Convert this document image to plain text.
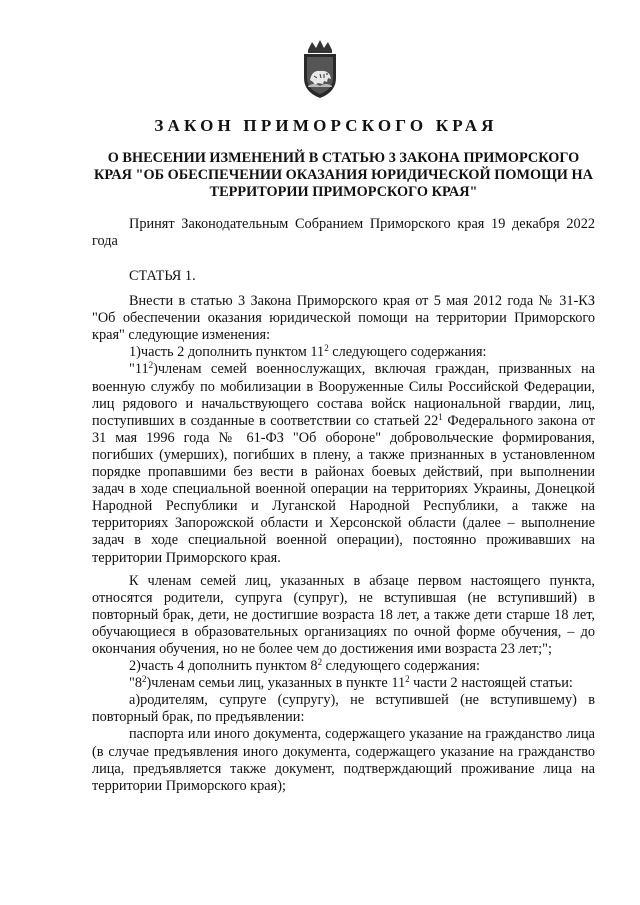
ЗАКОН ПРИМОРСКОГО КРАЯ
О ВНЕСЕНИИ ИЗМЕНЕНИЙ В СТАТЬЮ 3 ЗАКОНА ПРИМОРСКОГО КРАЯ "ОБ ОБЕСПЕЧЕНИИ ОКАЗАНИЯ ЮРИДИЧЕСКОЙ ПОМОЩИ НА ТЕРРИТОРИИ ПРИМОРСКОГО КРАЯ"
Принят Законодательным Собранием Приморского края 19 декабря 2022 года

СТАТЬЯ 1.

Внести в статью 3 Закона Приморского края от 5 мая 2012 года № 31-КЗ "Об обеспечении оказания юридической помощи на территории Приморского края" следующие изменения:

1)часть 2 дополнить пунктом $11^2$ следующего содержания:

"$11^2)членам$ семей военнослужащих, включая граждан, призванных на военную службу по мобилизации в Вооруженные Силы Российской Федерации, лиц рядового и начальствующего состава войск национальной гвардии, лиц, поступивших в созданные в соответствии со статьей $22^1$ Федерального закона от 31 мая 1996 года № 61-ФЗ "Об обороне" добровольческие формирования, погибших (умерших), погибших в плену, а также признанных в установленном порядке пропавшими без вести в районах боевых действий, при выполнении задач в ходе специальной военной операции на территориях Украины, Донецкой Народной Республики и Луганской Народной Республики, а также на территориях Запорожской области и Херсонской области (далее – выполнение задач в ходе специальной военной операции), постоянно проживавших на территории Приморского края.

К членам семей лиц, указанных в абзаце первом настоящего пункта, относятся родители, супруга (супруг), не вступившая (не вступивший) в повторный брак, дети, не достигшие возраста 18 лет, а также дети старше 18 лет, обучающиеся в образовательных организациях по очной форме обучения, – до окончания обучения, но не более чем до достижения ими возраста 23 лет;";

2)часть 4 дополнить пунктом $8^2$ следующего содержания:

"$8^2)членам$ семьи лиц, указанных в пункте $11^2$ части 2 настоящей статьи:

а)родителям, супруге (супругу), не вступившей (не вступившему) в повторный брак, по предъявлении:

паспорта или иного документа, содержащего указание на гражданство лица (в случае предъявления иного документа, содержащего указание на гражданство лица, предъявляется также документ, подтверждающий проживание лица на территории Приморского края);
